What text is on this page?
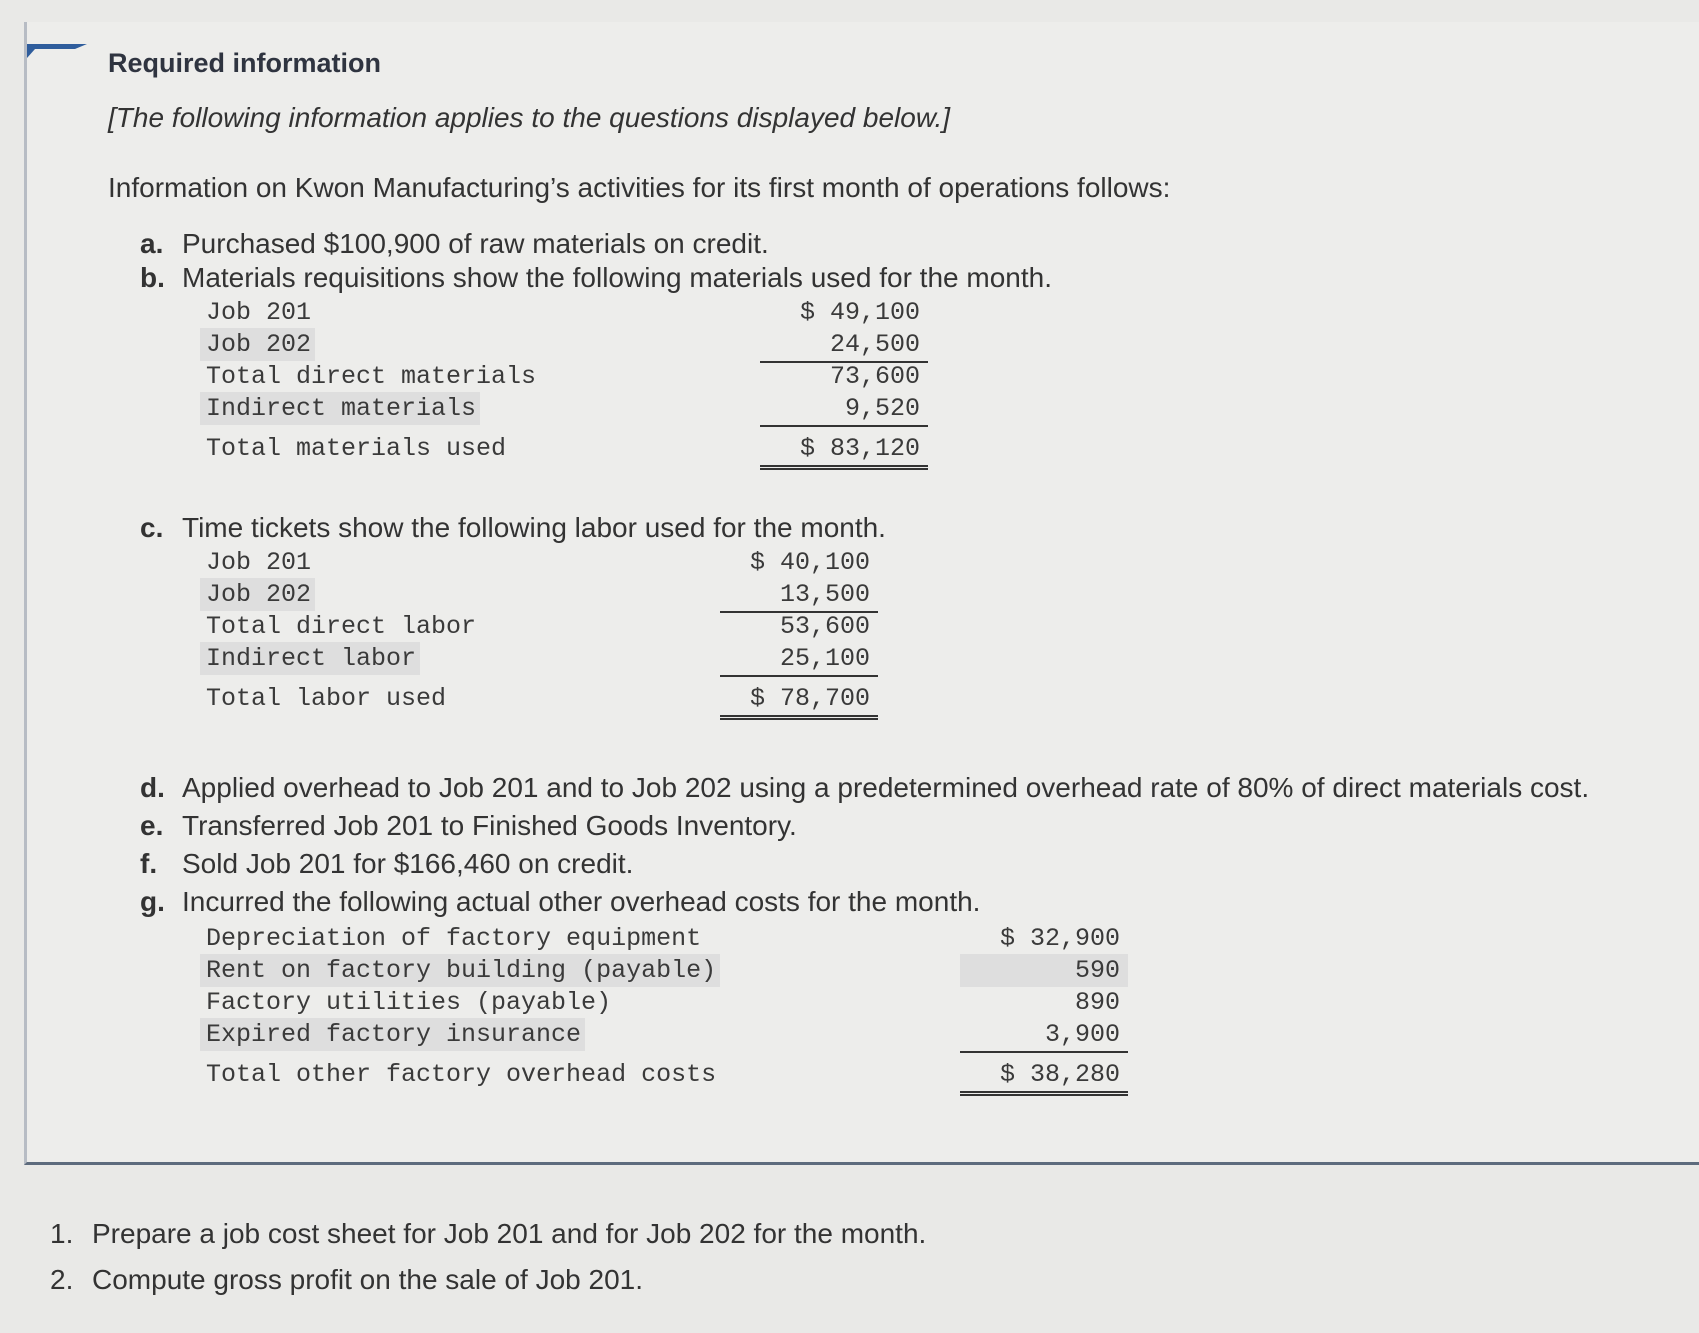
Required information
[The following information applies to the questions displayed below.]
Information on Kwon Manufacturing’s activities for its first month of operations follows:
a. Purchased $100,900 of raw materials on credit.
b. Materials requisitions show the following materials used for the month.
Job 201	$ 49,100
Job 202	24,500
Total direct materials	73,600
Indirect materials	9,520
Total materials used	$ 83,120
c. Time tickets show the following labor used for the month.
Job 201	$ 40,100
Job 202	13,500
Total direct labor	53,600
Indirect labor	25,100
Total labor used	$ 78,700
d. Applied overhead to Job 201 and to Job 202 using a predetermined overhead rate of 80% of direct materials cost.
e. Transferred Job 201 to Finished Goods Inventory.
f. Sold Job 201 for $166,460 on credit.
g. Incurred the following actual other overhead costs for the month.
Depreciation of factory equipment	$ 32,900
Rent on factory building (payable)	590
Factory utilities (payable)	890
Expired factory insurance	3,900
Total other factory overhead costs	$ 38,280
1. Prepare a job cost sheet for Job 201 and for Job 202 for the month.
2. Compute gross profit on the sale of Job 201.
